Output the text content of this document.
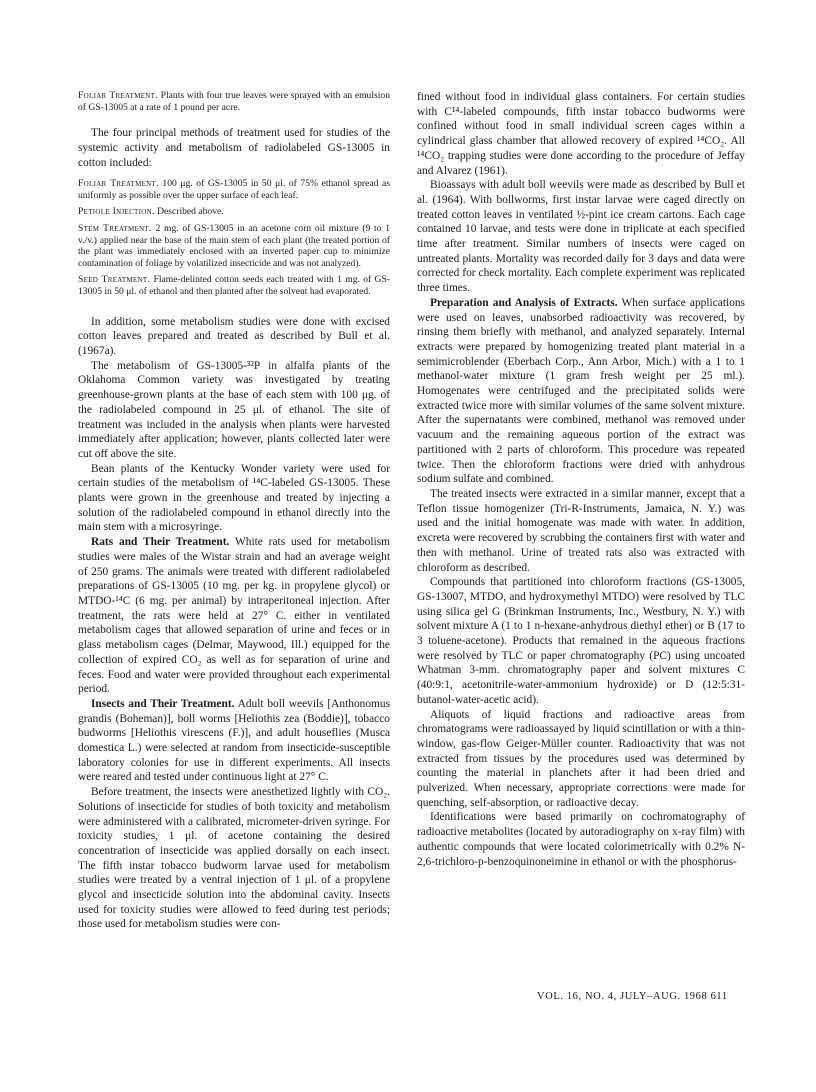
Foliar Treatment. Plants with four true leaves were sprayed with an emulsion of GS-13005 at a rate of 1 pound per acre.

The four principal methods of treatment used for studies of the systemic activity and metabolism of radiolabeled GS-13005 in cotton included:

Foliar Treatment. 100 μg. of GS-13005 in 50 μl. of 75% ethanol spread as uniformly as possible over the upper surface of each leaf.

Petiole Injection. Described above.

Stem Treatment. 2 mg. of GS-13005 in an acetone corn oil mixture (9 to 1 v./v.) applied near the base of the main stem of each plant (the treated portion of the plant was immediately enclosed with an inverted paper cup to minimize contamination of foliage by volatilized insecticide and was not analyzed).

Seed Treatment. Flame-delinted cotton seeds each treated with 1 mg. of GS-13005 in 50 μl. of ethanol and then planted after the solvent had evaporated.

In addition, some metabolism studies were done with excised cotton leaves prepared and treated as described by Bull et al. (1967a).

The metabolism of GS-13005-³²P in alfalfa plants of the Oklahoma Common variety was investigated by treating greenhouse-grown plants at the base of each stem with 100 μg. of the radiolabeled compound in 25 μl. of ethanol. The site of treatment was included in the analysis when plants were harvested immediately after application; however, plants collected later were cut off above the site.

Bean plants of the Kentucky Wonder variety were used for certain studies of the metabolism of ¹⁴C-labeled GS-13005. These plants were grown in the greenhouse and treated by injecting a solution of the radiolabeled compound in ethanol directly into the main stem with a microsyringe.

Rats and Their Treatment. White rats used for metabolism studies were males of the Wistar strain and had an average weight of 250 grams. The animals were treated with different radiolabeled preparations of GS-13005 (10 mg. per kg. in propylene glycol) or MTDO-¹⁴C (6 mg. per animal) by intraperitoneal injection. After treatment, the rats were held at 27° C. either in ventilated metabolism cages that allowed separation of urine and feces or in glass metabolism cages (Delmar, Maywood, Ill.) equipped for the collection of expired CO₂ as well as for separation of urine and feces. Food and water were provided throughout each experimental period.

Insects and Their Treatment. Adult boll weevils [Anthonomus grandis (Boheman)], boll worms [Heliothis zea (Boddie)], tobacco budworms [Heliothis virescens (F.)], and adult houseflies (Musca domestica L.) were selected at random from insecticide-susceptible laboratory colonies for use in different experiments. All insects were reared and tested under continuous light at 27° C.

Before treatment, the insects were anesthetized lightly with CO₂. Solutions of insecticide for studies of both toxicity and metabolism were administered with a calibrated, micrometer-driven syringe. For toxicity studies, 1 μl. of acetone containing the desired concentration of insecticide was applied dorsally on each insect. The fifth instar tobacco budworm larvae used for metabolism studies were treated by a ventral injection of 1 μl. of a propylene glycol and insecticide solution into the abdominal cavity. Insects used for toxicity studies were allowed to feed during test periods; those used for metabolism studies were con-

fined without food in individual glass containers. For certain studies with C¹⁴-labeled compounds, fifth instar tobacco budworms were confined without food in small individual screen cages within a cylindrical glass chamber that allowed recovery of expired ¹⁴CO₂. All ¹⁴CO₂ trapping studies were done according to the procedure of Jeffay and Alvarez (1961).

Bioassays with adult boll weevils were made as described by Bull et al. (1964). With bollworms, first instar larvae were caged directly on treated cotton leaves in ventilated ½-pint ice cream cartons. Each cage contained 10 larvae, and tests were done in triplicate at each specified time after treatment. Similar numbers of insects were caged on untreated plants. Mortality was recorded daily for 3 days and data were corrected for check mortality. Each complete experiment was replicated three times.

Preparation and Analysis of Extracts. When surface applications were used on leaves, unabsorbed radioactivity was recovered, by rinsing them briefly with methanol, and analyzed separately. Internal extracts were prepared by homogenizing treated plant material in a semimicroblender (Eberbach Corp., Ann Arbor, Mich.) with a 1 to 1 methanol-water mixture (1 gram fresh weight per 25 ml.). Homogenates were centrifuged and the precipitated solids were extracted twice more with similar volumes of the same solvent mixture. After the supernatants were combined, methanol was removed under vacuum and the remaining aqueous portion of the extract was partitioned with 2 parts of chloroform. This procedure was repeated twice. Then the chloroform fractions were dried with anhydrous sodium sulfate and combined.

The treated insects were extracted in a similar manner, except that a Teflon tissue homogenizer (Tri-R-Instruments, Jamaica, N. Y.) was used and the initial homogenate was made with water. In addition, excreta were recovered by scrubbing the containers first with water and then with methanol. Urine of treated rats also was extracted with chloroform as described.

Compounds that partitioned into chloroform fractions (GS-13005, GS-13007, MTDO, and hydroxymethyl MTDO) were resolved by TLC using silica gel G (Brinkman Instruments, Inc., Westbury, N. Y.) with solvent mixture A (1 to 1 n-hexane-anhydrous diethyl ether) or B (17 to 3 toluene-acetone). Products that remained in the aqueous fractions were resolved by TLC or paper chromatography (PC) using uncoated Whatman 3-mm. chromatography paper and solvent mixtures C (40:9:1, acetonitrile-water-ammonium hydroxide) or D (12:5:31-butanol-water-acetic acid).

Aliquots of liquid fractions and radioactive areas from chromatograms were radioassayed by liquid scintillation or with a thin-window, gas-flow Geiger-Müller counter. Radioactivity that was not extracted from tissues by the procedures used was determined by counting the material in planchets after it had been dried and pulverized. When necessary, appropriate corrections were made for quenching, self-absorption, or radioactive decay.

Identifications were based primarily on cochromatography of radioactive metabolites (located by autoradiography on x-ray film) with authentic compounds that were located colorimetrically with 0.2% N-2,6-trichloro-p-benzoquinoneimine in ethanol or with the phosphorus-

VOL. 16, NO. 4, JULY–AUG. 1968 611
